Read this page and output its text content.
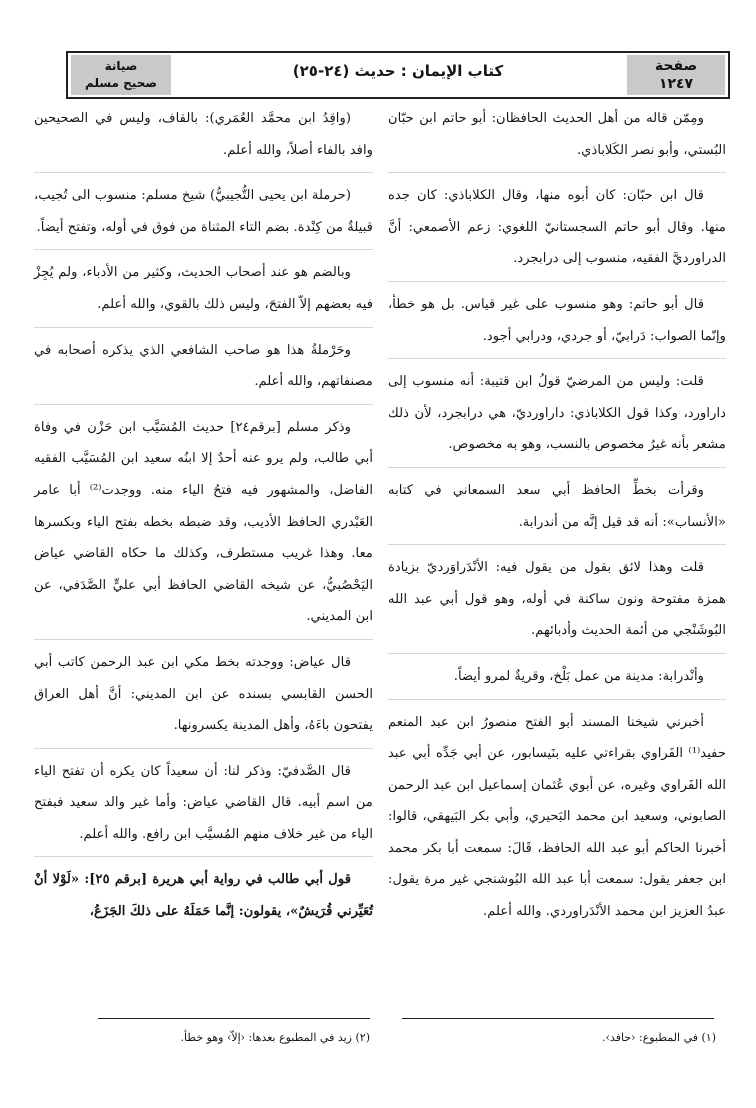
صفحة
١٢٤٧
كتاب الإيمان : حديث (٢٤-٢٥)
صيانة
صحيح مسلم

ومِمّن قاله من أهل الحديث الحافظان: أبو حاتم ابن حبّان البُستي، وأبو نصر الكَلاباذي.

قال ابن حبّان: كان أبوه منها، وقال الكلاباذي: كان جده منها. وقال أبو حاتم السجستانيّ اللغوي: زعم الأصمعي: أنَّ الدراورديَّ الفقيه، منسوب إلى درابجرد.

قال أبو حاتم: وهو منسوب على غير قياس. بل هو خطأ، وإنّما الصواب: دَرابيّ، أو جردي، ودرابي أجود.

قلت: وليس من المرضيّ قولُ ابن قتيبة: أنه منسوب إلى داراورد، وكذا قول الكلاباذي: داراورديّ، هي درابجرد، لأن ذلك مشعر بأنه غيرُ مخصوص بالنسب، وهو به مخصوص.

وقرأت بخطِّ الحافظ أبي سعد السمعاني في كتابه «الأنساب»: أنه قد قيل إنَّه من أندرابة.

قلت وهذا لائق بقول من يقول فيه: الأنْدَراوَرديّ بزيادة همزة مفتوحة ونون ساكنة في أوله، وهو قول أبي عبد الله البُوشَنْجي من أئمة الحديث وأدبائهم.

وأنْدرابة: مدينة من عمل بَلْخ، وقريةٌ لمرو أيضاً.

أخبرني شيخنا المسند أبو الفتح منصورُ ابن عبد المنعم حفيد⁽¹⁾ الفَراوي بقراءتي عليه بنَيسابور، عن أبي جَدِّه أبي عبد الله الفَراوي وغيره، عن أبوي عُثمان إسماعيل ابن عبد الرحمن الصابوني، وسعيد ابن محمد البَحيري، وأبي بكر البَيهقي، قالوا: أخبرنا الحاكم أبو عبد الله الحافظ، قَالَ: سمعت أبا بكر محمد ابن جعفر يقول: سمعت أبا عبد الله البُوشنجي غير مرة يقول: عبدُ العزيز ابن محمد الأنْدَراوردي. والله أعلم.

(واقِدُ ابن محمَّد العُمَري): بالقاف، وليس في الصحيحين وافد بالفاء أصلاً، والله أعلم.

(حرملة ابن يحيى التُّجيبيُّ) شيخ مسلم: منسوب الى تُجيب، قبيلةٌ من كِنْدة. بضم التاء المثناة من فوق في أوله، وتفتح أيضاً.

وبالضم هو عند أصحاب الحديث، وكثير من الأدباء، ولم يُجِزْ فيه بعضهم إلاّ الفتحَ، وليس ذلك بالقوي، والله أعلم.

وحَرْملةُ هذا هو صاحب الشافعي الذي يذكره أصحابه في مصنفاتهم، والله أعلم.

وذكر مسلم [برقم٢٤] حديث المُسَيَّب ابن حَزْن في وفاة أبي طالب، ولم يرو عنه أحدٌ إلا ابنُه سعيد ابن المُسَيَّب الفقيه الفاضل، والمشهور فيه فتحُ الياء منه. ووجدت⁽²⁾ أبا عامر العَبْدري الحافظ الأديب، وقد ضبطه بخطه بفتح الياء وبكسرها معا. وهذا غريب مستطرف، وكذلك ما حكاه القاضي عياض اليَحْصُبيُّ، عن شيخه القاضي الحافظ أبي عليٍّ الصَّدَفي، عن ابن المديني.

قال عياض: ووجدته بخط مكي ابن عبد الرحمن كاتب أبي الحسن القابسي بسنده عن ابن المديني: أنَّ أهل العراق يفتحون باءَهُ، وأهل المدينة يكسرونها.

قال الصَّدفيّ: وذكر لنا: أن سعيداً كان يكره أن تفتح الياء من اسم أبيه. قال القاضي عياض: وأما غير والد سعيد فبفتح الياء من غير خلاف منهم المُسيَّب ابن رافع. والله أعلم.

قول أبي طالب في رواية أبي هريرة [برقم ٢٥]: «لَوْلا أنْ تُعَيِّرني قُرَيشٌ»، يقولون: إنَّما حَمَلَهُ على ذلكَ الجَزَعُ،

(١) في المطبوع: ‹حافد›.
(٢) زيد في المطبوع بعدها: ‹إلاّ› وهو خطأ.
